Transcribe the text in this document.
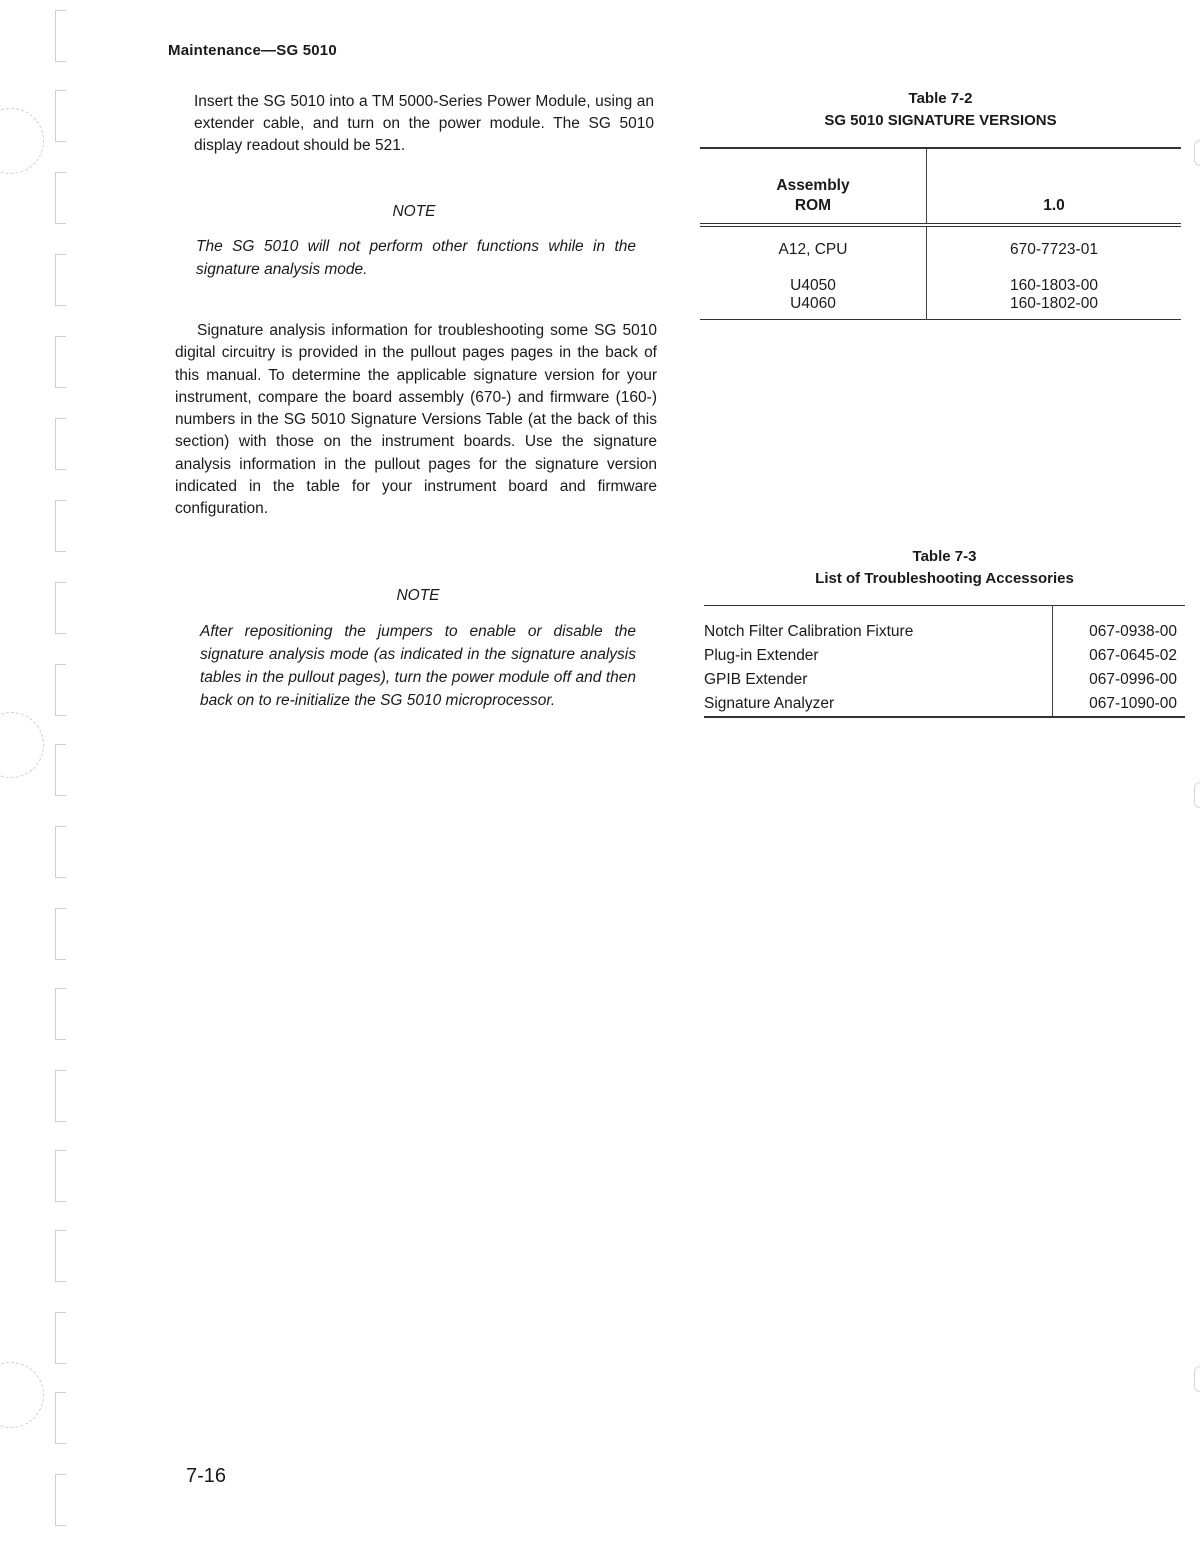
Maintenance—SG 5010
Insert the SG 5010 into a TM 5000-Series Power Module, using an extender cable, and turn on the power module. The SG 5010 display readout should be 521.
NOTE
The SG 5010 will not perform other functions while in the signature analysis mode.
Signature analysis information for troubleshooting some SG 5010 digital circuitry is provided in the pullout pages pages in the back of this manual. To determine the applicable signature version for your instrument, compare the board assembly (670-) and firmware (160-) numbers in the SG 5010 Signature Versions Table (at the back of this section) with those on the instrument boards. Use the signature analysis information in the pullout pages for the signature version indicated in the table for your instrument board and firmware configuration.
NOTE
After repositioning the jumpers to enable or disable the signature analysis mode (as indicated in the signature analysis tables in the pullout pages), turn the power module off and then back on to re-initialize the SG 5010 microprocessor.
Table 7-2
SG 5010 SIGNATURE VERSIONS
Assembly
ROM	1.0
A12, CPU	670-7723-01
U4050	160-1803-00
U4060	160-1802-00
Table 7-3
List of Troubleshooting Accessories
Notch Filter Calibration Fixture	067-0938-00
Plug-in Extender	067-0645-02
GPIB Extender	067-0996-00
Signature Analyzer	067-1090-00
7-16
